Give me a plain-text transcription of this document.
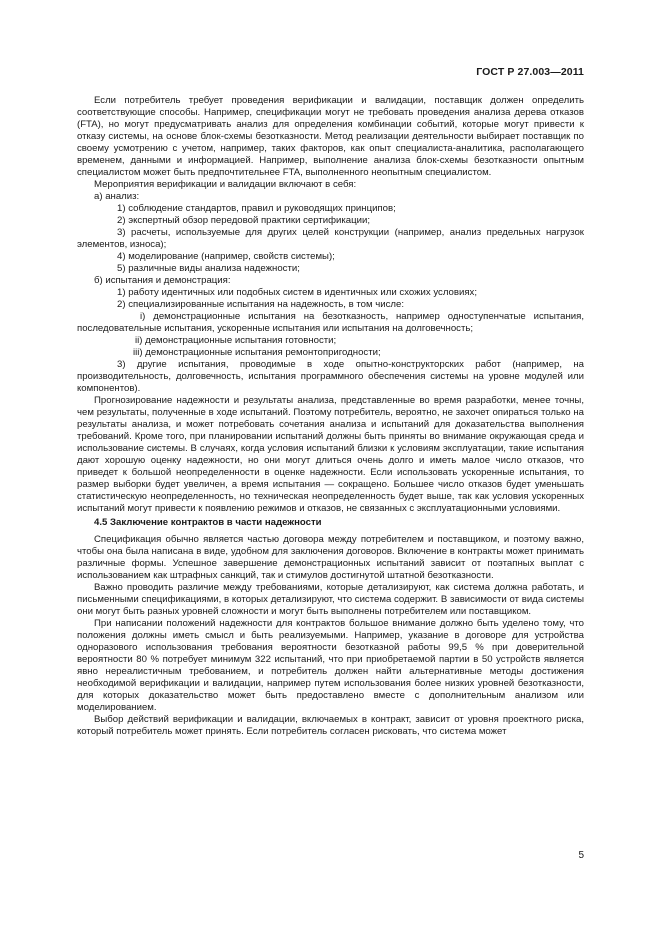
ГОСТ Р 27.003—2011

Если потребитель требует проведения верификации и валидации, поставщик должен определить соответствующие способы. Например, спецификации могут не требовать проведения анализа дерева отказов (FTA), но могут предусматривать анализ для определения комбинации событий, которые могут привести к отказу системы, на основе блок-схемы безотказности. Метод реализации деятельности выбирает поставщик по своему усмотрению с учетом, например, таких факторов, как опыт специалиста-аналитика, располагающего временем, данными и информацией. Например, выполнение анализа блок-схемы безотказности опытным специалистом может быть предпочтительнее FTA, выполненного неопытным специалистом.

Мероприятия верификации и валидации включают в себя:

а) анализ:

1) соблюдение стандартов, правил и руководящих принципов;

2) экспертный обзор передовой практики сертификации;

3) расчеты, используемые для других целей конструкции (например, анализ предельных нагрузок элементов, износа);

4) моделирование (например, свойств системы);

5) различные виды анализа надежности;

б) испытания и демонстрация:

1) работу идентичных или подобных систем в идентичных или схожих условиях;

2) специализированные испытания на надежность, в том числе:

i) демонстрационные испытания на безотказность, например одноступенчатые испытания, последовательные испытания, ускоренные испытания или испытания на долговечность;

ii) демонстрационные испытания готовности;

iii) демонстрационные испытания ремонтопригодности;

3) другие испытания, проводимые в ходе опытно-конструкторских работ (например, на производительность, долговечность, испытания программного обеспечения системы на уровне модулей или компонентов).

Прогнозирование надежности и результаты анализа, представленные во время разработки, менее точны, чем результаты, полученные в ходе испытаний. Поэтому потребитель, вероятно, не захочет опираться только на результаты анализа, и может потребовать сочетания анализа и испытаний для доказательства выполнения требований. Кроме того, при планировании испытаний должны быть приняты во внимание окружающая среда и использование системы. В случаях, когда условия испытаний близки к условиям эксплуатации, такие испытания дают хорошую оценку надежности, но они могут длиться очень долго и иметь малое число отказов, что приведет к большой неопределенности в оценке надежности. Если использовать ускоренные испытания, то размер выборки будет увеличен, а время испытания — сокращено. Большее число отказов будет уменьшать статистическую неопределенность, но техническая неопределенность будет выше, так как условия ускоренных испытаний могут привести к появлению режимов и отказов, не связанных с эксплуатационными условиями.

4.5 Заключение контрактов в части надежности

Спецификация обычно является частью договора между потребителем и поставщиком, и поэтому важно, чтобы она была написана в виде, удобном для заключения договоров. Включение в контракты может принимать различные формы. Успешное завершение демонстрационных испытаний зависит от поэтапных выплат с использованием как штрафных санкций, так и стимулов достигнутой штатной безотказности.

Важно проводить различие между требованиями, которые детализируют, как система должна работать, и письменными спецификациями, в которых детализируют, что система содержит. В зависимости от вида системы они могут быть разных уровней сложности и могут быть выполнены потребителем или поставщиком.

При написании положений надежности для контрактов большое внимание должно быть уделено тому, что положения должны иметь смысл и быть реализуемыми. Например, указание в договоре для устройства одноразового использования требования вероятности безотказной работы 99,5 % при доверительной вероятности 80 % потребует минимум 322 испытаний, что при приобретаемой партии в 50 устройств является явно нереалистичным требованием, и потребитель должен найти альтернативные методы достижения необходимой верификации и валидации, например путем использования более низких уровней безотказности, для которых доказательство может быть предоставлено вместе с дополнительным анализом или моделированием.

Выбор действий верификации и валидации, включаемых в контракт, зависит от уровня проектного риска, который потребитель может принять. Если потребитель согласен рисковать, что система может

5
